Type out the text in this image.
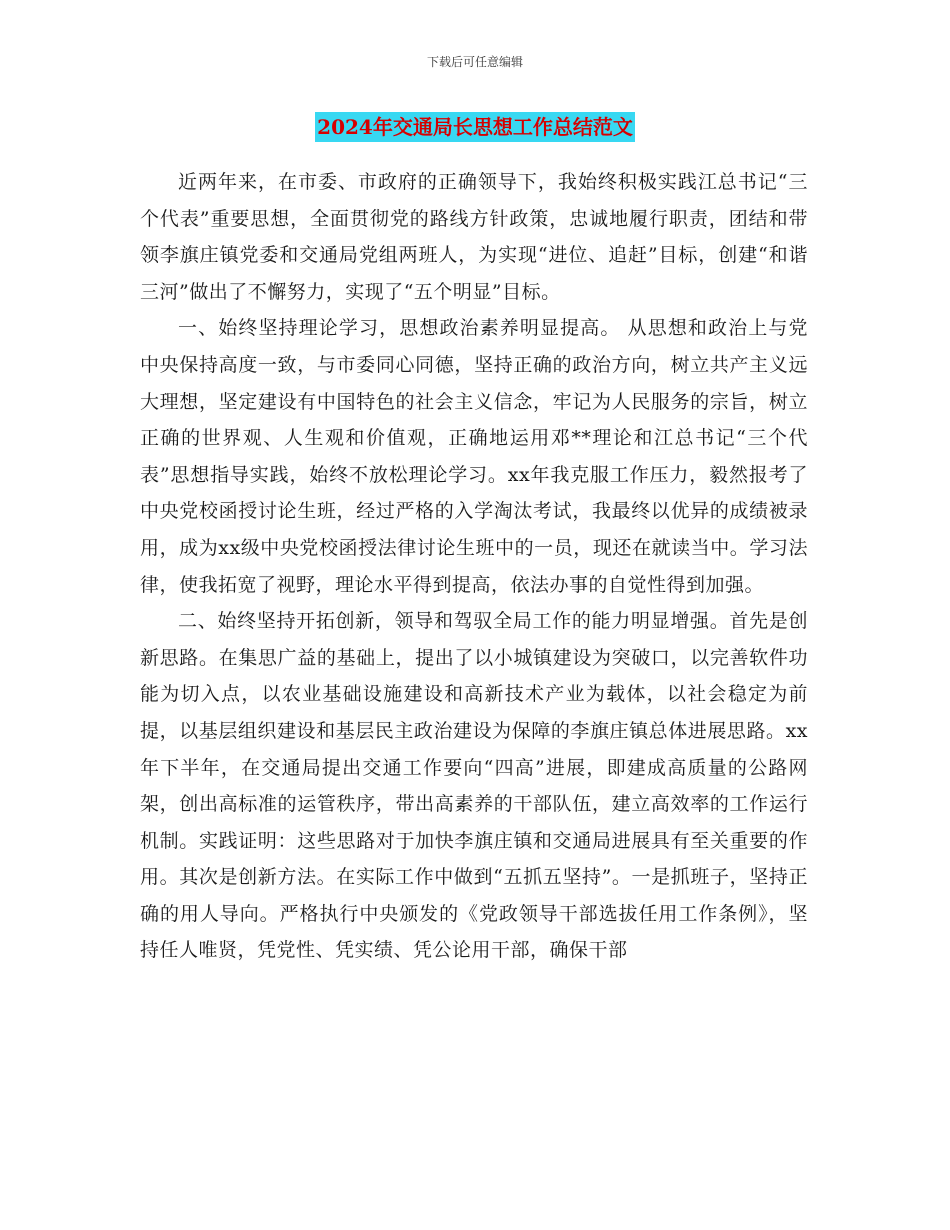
下载后可任意编辑
2024年交通局长思想工作总结范文

近两年来，在市委、市政府的正确领导下，我始终积极实践江总书记“三个代表”重要思想，全面贯彻党的路线方针政策，忠诚地履行职责，团结和带领李旗庄镇党委和交通局党组两班人，为实现“进位、追赶”目标，创建“和谐三河”做出了不懈努力，实现了“五个明显”目标。

一、始终坚持理论学习，思想政治素养明显提高。 从思想和政治上与党中央保持高度一致，与市委同心同德，坚持正确的政治方向，树立共产主义远大理想，坚定建设有中国特色的社会主义信念，牢记为人民服务的宗旨，树立正确的世界观、人生观和价值观，正确地运用邓**理论和江总书记“三个代表”思想指导实践，始终不放松理论学习。xx年我克服工作压力，毅然报考了中央党校函授讨论生班，经过严格的入学淘汰考试，我最终以优异的成绩被录用，成为xx级中央党校函授法律讨论生班中的一员，现还在就读当中。学习法律，使我拓宽了视野，理论水平得到提高，依法办事的自觉性得到加强。

二、始终坚持开拓创新，领导和驾驭全局工作的能力明显增强。首先是创新思路。在集思广益的基础上，提出了以小城镇建设为突破口，以完善软件功能为切入点，以农业基础设施建设和高新技术产业为载体，以社会稳定为前提，以基层组织建设和基层民主政治建设为保障的李旗庄镇总体进展思路。xx年下半年，在交通局提出交通工作要向“四高”进展，即建成高质量的公路网架，创出高标准的运管秩序，带出高素养的干部队伍，建立高效率的工作运行机制。实践证明：这些思路对于加快李旗庄镇和交通局进展具有至关重要的作用。其次是创新方法。在实际工作中做到“五抓五坚持”。一是抓班子，坚持正确的用人导向。严格执行中央颁发的《党政领导干部选拔任用工作条例》，坚持任人唯贤，凭党性、凭实绩、凭公论用干部，确保干部
